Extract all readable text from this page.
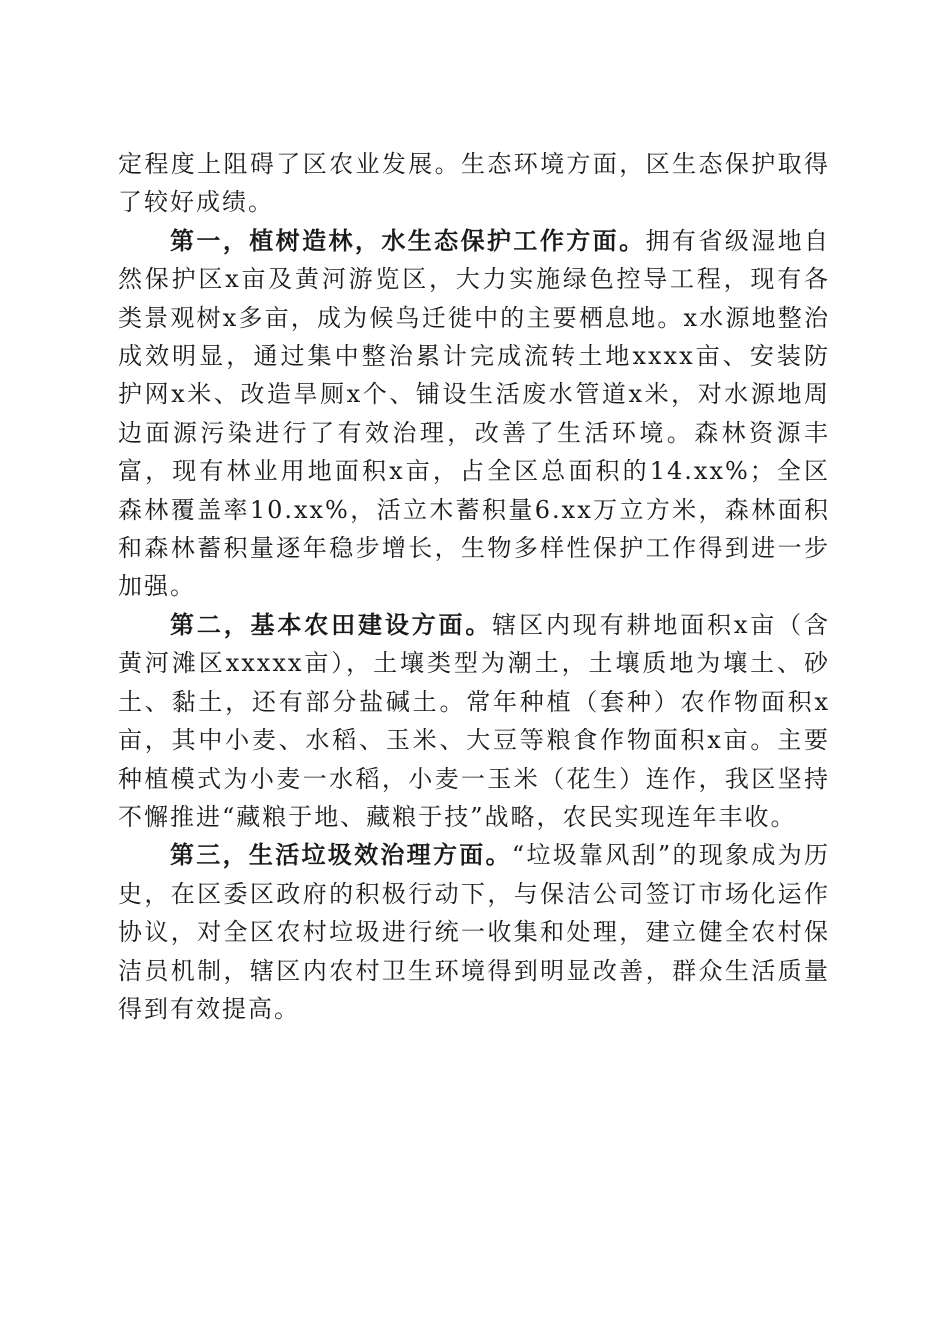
定程度上阻碍了区农业发展。生态环境方面，区生态保护取得了较好成绩。

第一，植树造林，水生态保护工作方面。拥有省级湿地自然保护区x亩及黄河游览区，大力实施绿色控导工程，现有各类景观树x多亩，成为候鸟迁徙中的主要栖息地。x水源地整治成效明显，通过集中整治累计完成流转土地xxxx亩、安装防护网x米、改造旱厕x个、铺设生活废水管道x米，对水源地周边面源污染进行了有效治理，改善了生活环境。森林资源丰富，现有林业用地面积x亩，占全区总面积的14.xx%；全区森林覆盖率10.xx%，活立木蓄积量6.xx万立方米，森林面积和森林蓄积量逐年稳步增长，生物多样性保护工作得到进一步加强。

第二，基本农田建设方面。辖区内现有耕地面积x亩（含黄河滩区xxxxx亩），土壤类型为潮土，土壤质地为壤土、砂土、黏土，还有部分盐碱土。常年种植（套种）农作物面积x亩，其中小麦、水稻、玉米、大豆等粮食作物面积x亩。主要种植模式为小麦一水稻，小麦一玉米（花生）连作，我区坚持不懈推进“藏粮于地、藏粮于技”战略，农民实现连年丰收。

第三，生活垃圾效治理方面。“垃圾靠风刮”的现象成为历史，在区委区政府的积极行动下，与保洁公司签订市场化运作协议，对全区农村垃圾进行统一收集和处理，建立健全农村保洁员机制，辖区内农村卫生环境得到明显改善，群众生活质量得到有效提高。
